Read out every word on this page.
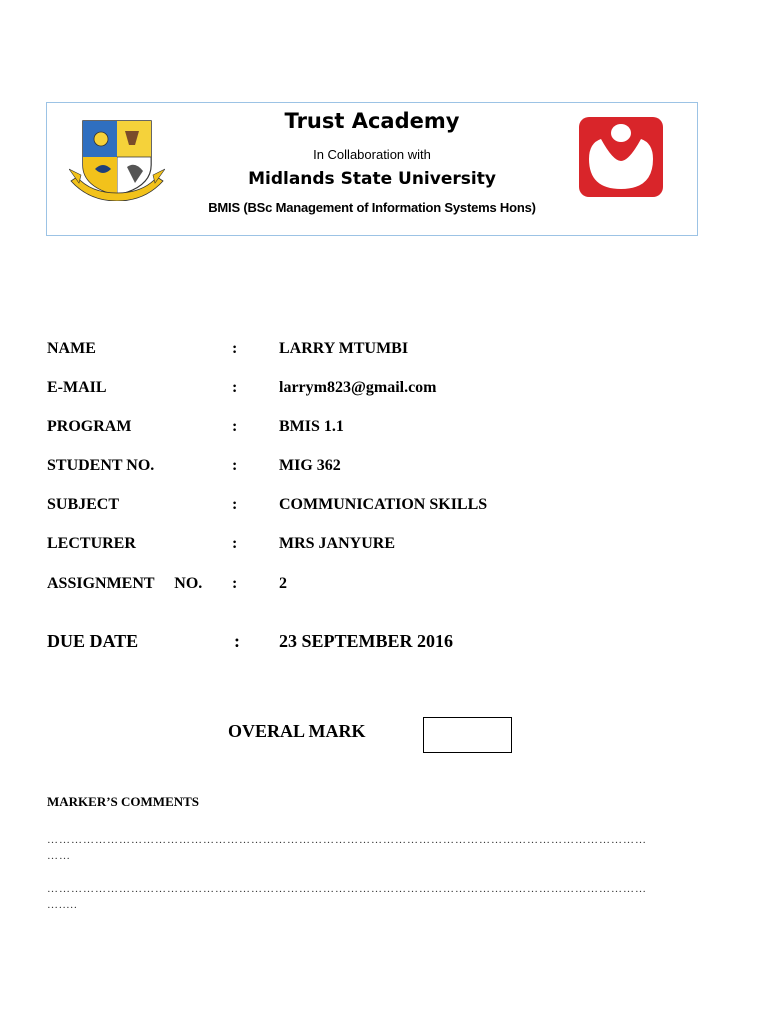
Trust Academy
In Collaboration with
Midlands State University
BMIS (BSc Management of Information Systems Hons)
NAME	:	LARRY MTUMBI
E-MAIL	:	larrym823@gmail.com
PROGRAM	:	BMIS 1.1
STUDENT NO.	:	MIG 362
SUBJECT	:	COMMUNICATION SKILLS
LECTURER	:	MRS JANYURE
ASSIGNMENT     NO. :	2
DUE DATE	: 23 SEPTEMBER 2016
OVERAL MARK
MARKER’S COMMENTS
……………………………………………………………………………………………………………………………………
……
……………………………………………………………………………………………………………………………………
….....
